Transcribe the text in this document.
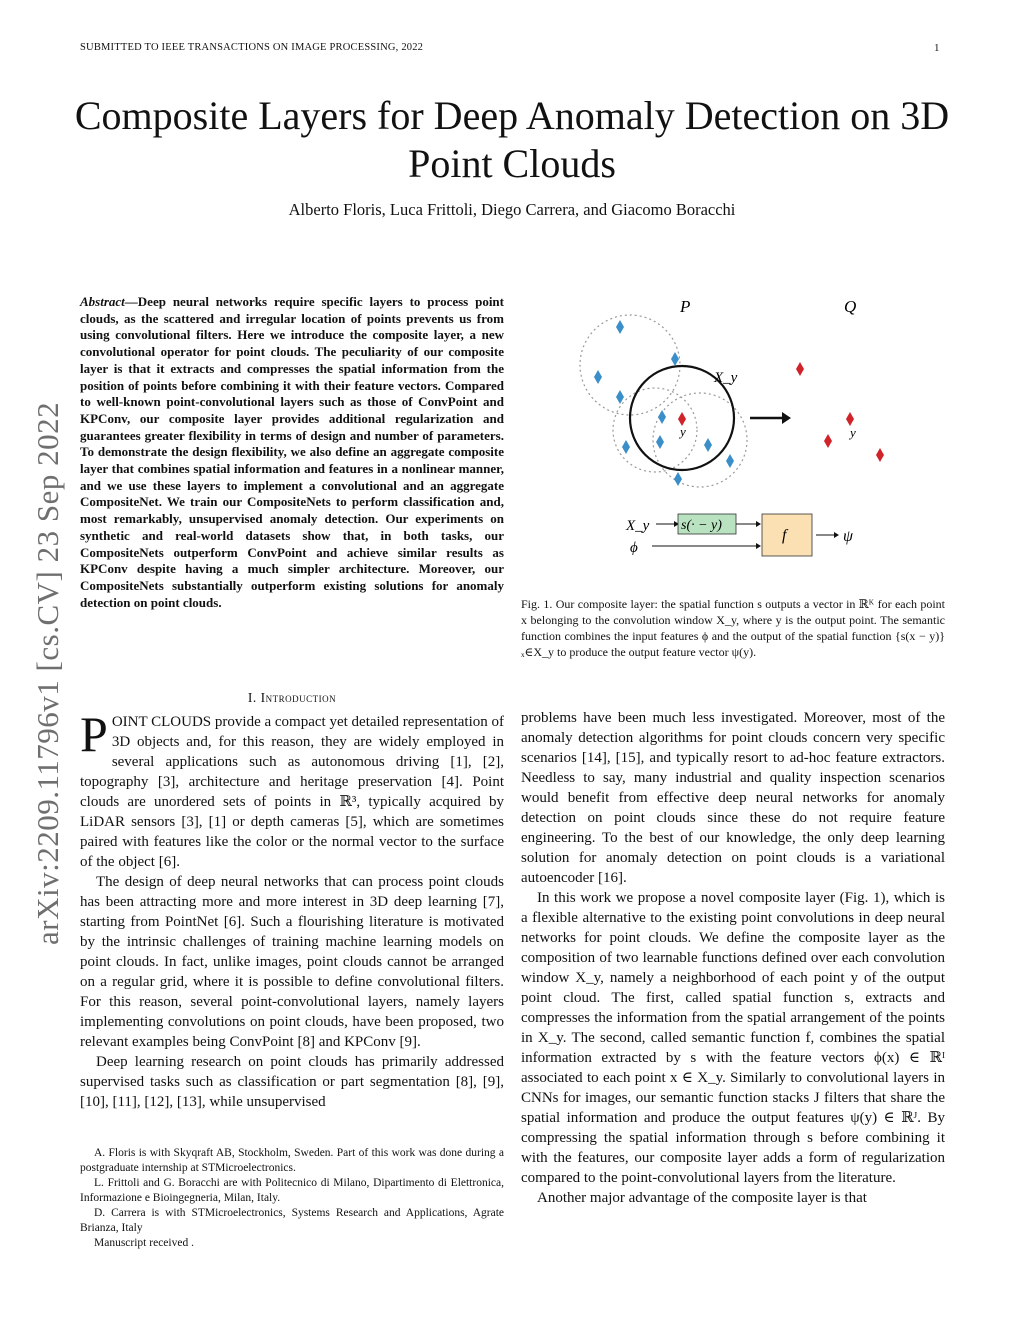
SUBMITTED TO IEEE TRANSACTIONS ON IMAGE PROCESSING, 2022	1
Composite Layers for Deep Anomaly Detection on 3D Point Clouds
Alberto Floris, Luca Frittoli, Diego Carrera, and Giacomo Boracchi
arXiv:2209.11796v1 [cs.CV] 23 Sep 2022
Abstract—Deep neural networks require specific layers to process point clouds, as the scattered and irregular location of points prevents us from using convolutional filters. Here we introduce the composite layer, a new convolutional operator for point clouds. The peculiarity of our composite layer is that it extracts and compresses the spatial information from the position of points before combining it with their feature vectors. Compared to well-known point-convolutional layers such as those of ConvPoint and KPConv, our composite layer provides additional regularization and guarantees greater flexibility in terms of design and number of parameters. To demonstrate the design flexibility, we also define an aggregate composite layer that combines spatial information and features in a nonlinear manner, and we use these layers to implement a convolutional and an aggregate CompositeNet. We train our CompositeNets to perform classification and, most remarkably, unsupervised anomaly detection. Our experiments on synthetic and real-world datasets show that, in both tasks, our CompositeNets outperform ConvPoint and achieve similar results as KPConv despite having a much simpler architecture. Moreover, our CompositeNets substantially outperform existing solutions for anomaly detection on point clouds.
I. Introduction

POINT CLOUDS provide a compact yet detailed representation of 3D objects and, for this reason, they are widely employed in several applications such as autonomous driving [1], [2], topography [3], architecture and heritage preservation [4]. Point clouds are unordered sets of points in ℝ³, typically acquired by LiDAR sensors [3], [1] or depth cameras [5], which are sometimes paired with features like the color or the normal vector to the surface of the object [6].

The design of deep neural networks that can process point clouds has been attracting more and more interest in 3D deep learning [7], starting from PointNet [6]. Such a flourishing literature is motivated by the intrinsic challenges of training machine learning models on point clouds. In fact, unlike images, point clouds cannot be arranged on a regular grid, where it is possible to define convolutional filters. For this reason, several point-convolutional layers, namely layers implementing convolutions on point clouds, have been proposed, two relevant examples being ConvPoint [8] and KPConv [9].

Deep learning research on point clouds has primarily addressed supervised tasks such as classification or part segmentation [8], [9], [10], [11], [12], [13], while unsupervised

A. Floris is with Skyqraft AB, Stockholm, Sweden. Part of this work was done during a postgraduate internship at STMicroelectronics.

L. Frittoli and G. Boracchi are with Politecnico di Milano, Dipartimento di Elettronica, Informazione e Bioingegneria, Milan, Italy.

D. Carrera is with STMicroelectronics, Systems Research and Applications, Agrate Brianza, Italy

Manuscript received .

P	Q
y
X_y
y
X_y s(· − y)
ϕ
f	ψ
Fig. 1. Our composite layer: the spatial function s outputs a vector in ℝᴷ for each point x belonging to the convolution window X_y, where y is the output point. The semantic function combines the input features ϕ and the output of the spatial function {s(x − y)}ₓ∈X_y to produce the output feature vector ψ(y).

problems have been much less investigated. Moreover, most of the anomaly detection algorithms for point clouds concern very specific scenarios [14], [15], and typically resort to ad-hoc feature extractors. Needless to say, many industrial and quality inspection scenarios would benefit from effective deep neural networks for anomaly detection on point clouds since these do not require feature engineering. To the best of our knowledge, the only deep learning solution for anomaly detection on point clouds is a variational autoencoder [16].

In this work we propose a novel composite layer (Fig. 1), which is a flexible alternative to the existing point convolutions in deep neural networks for point clouds. We define the composite layer as the composition of two learnable functions defined over each convolution window X_y, namely a neighborhood of each point y of the output point cloud. The first, called spatial function s, extracts and compresses the information from the spatial arrangement of the points in X_y. The second, called semantic function f, combines the spatial information extracted by s with the feature vectors ϕ(x) ∈ ℝᴵ associated to each point x ∈ X_y. Similarly to convolutional layers in CNNs for images, our semantic function stacks J filters that share the spatial information and produce the output features ψ(y) ∈ ℝᴶ. By compressing the spatial information through s before combining it with the features, our composite layer adds a form of regularization compared to the point-convolutional layers from the literature.

Another major advantage of the composite layer is that
